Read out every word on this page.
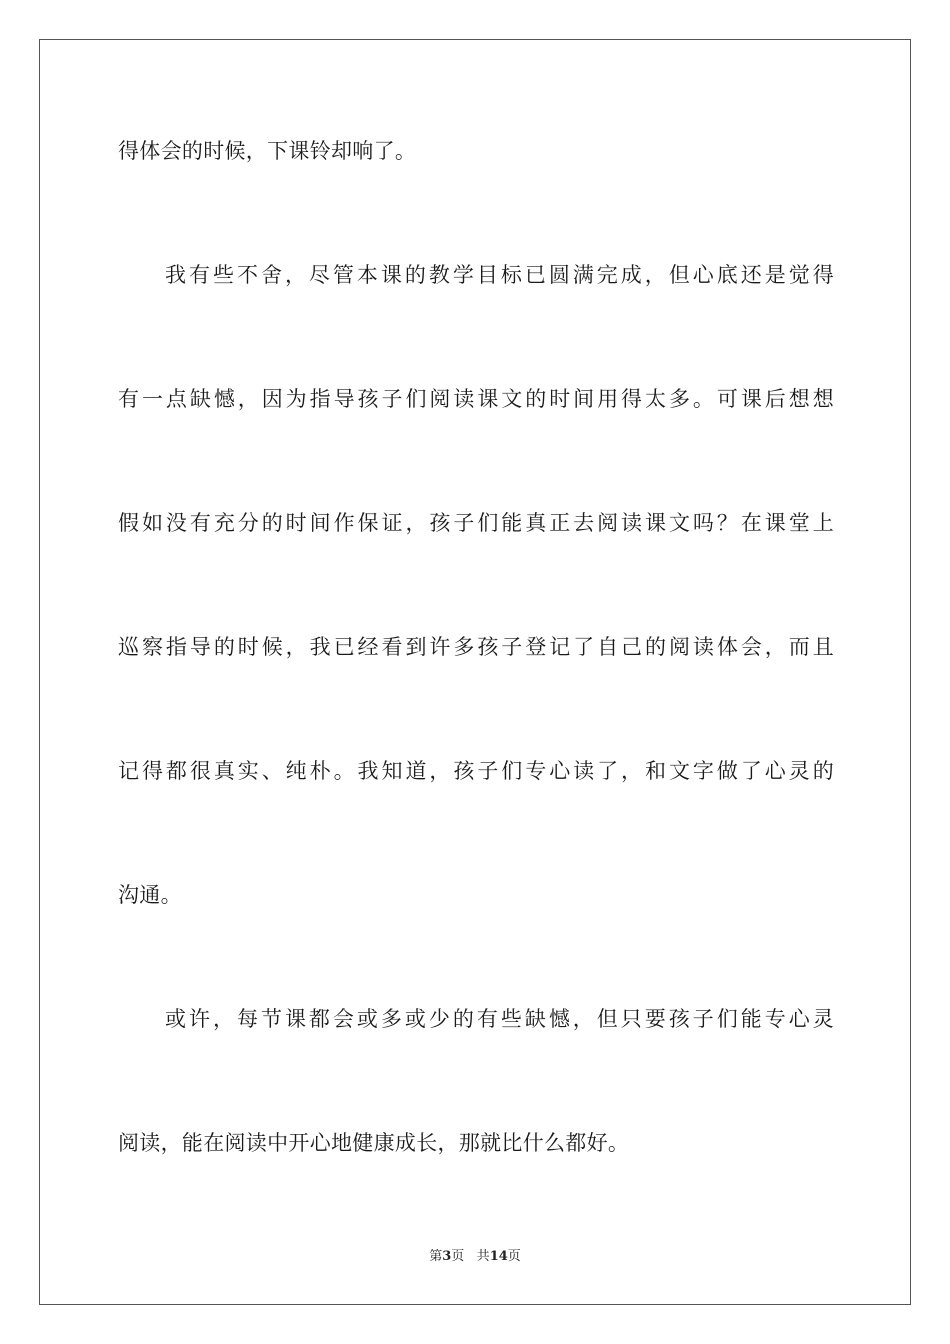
得体会的时候，下课铃却响了。

我有些不舍，尽管本课的教学目标已圆满完成，但心底还是觉得

有一点缺憾，因为指导孩子们阅读课文的时间用得太多。可课后想想

假如没有充分的时间作保证，孩子们能真正去阅读课文吗？在课堂上

巡察指导的时候，我已经看到许多孩子登记了自己的阅读体会，而且

记得都很真实、纯朴。我知道，孩子们专心读了，和文字做了心灵的

沟通。

或许，每节课都会或多或少的有些缺憾，但只要孩子们能专心灵

阅读，能在阅读中开心地健康成长，那就比什么都好。

第3页 共14页
